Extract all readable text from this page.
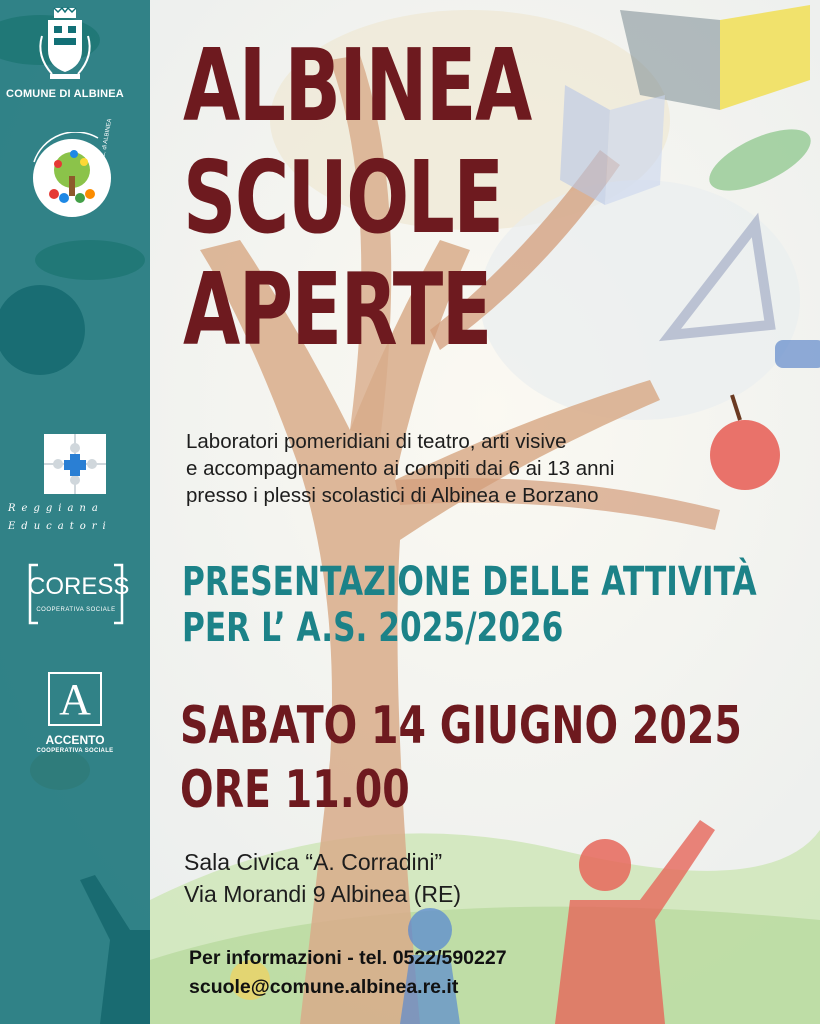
COMUNE DI ALBINEA
I.C. di ALBINEA
Reggiana
Educatori
CORESS
COOPERATIVA SOCIALE
A
ACCENTO
COOPERATIVA SOCIALE
ALBINEA
SCUOLE
APERTE
Laboratori pomeridiani di teatro, arti visive
e accompagnamento ai compiti dai 6 ai 13 anni
presso i plessi scolastici di Albinea e Borzano
PRESENTAZIONE DELLE ATTIVITÀ
PER L’ A.S. 2025/2026
SABATO 14 GIUGNO 2025
ORE 11.00
Sala Civica “A. Corradini”
Via Morandi 9 Albinea (RE)
Per informazioni - tel. 0522/590227
scuole@comune.albinea.re.it
